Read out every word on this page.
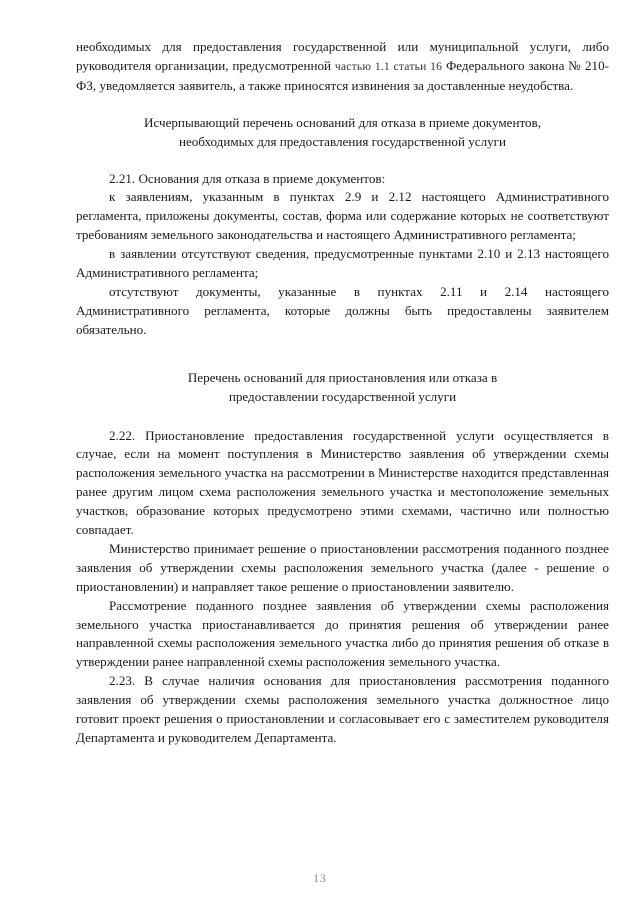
необходимых для предоставления государственной или муниципальной услуги, либо руководителя организации, предусмотренной частью 1.1 статьи 16 Федерального закона № 210-ФЗ, уведомляется заявитель, а также приносятся извинения за доставленные неудобства.

Исчерпывающий перечень оснований для отказа в приеме документов,

необходимых для предоставления государственной услуги

2.21. Основания для отказа в приеме документов:

к заявлениям, указанным в пунктах 2.9 и 2.12 настоящего Административного регламента, приложены документы, состав, форма или содержание которых не соответствуют требованиям земельного законодательства и настоящего Административного регламента;

в заявлении отсутствуют сведения, предусмотренные пунктами 2.10 и 2.13 настоящего Административного регламента;

отсутствуют документы, указанные в пунктах 2.11 и 2.14 настоящего Административного регламента, которые должны быть предоставлены заявителем обязательно.

Перечень оснований для приостановления или отказа в

предоставлении государственной услуги

2.22. Приостановление предоставления государственной услуги осуществляется в случае, если на момент поступления в Министерство заявления об утверждении схемы расположения земельного участка на рассмотрении в Министерстве находится представленная ранее другим лицом схема расположения земельного участка и местоположение земельных участков, образование которых предусмотрено этими схемами, частично или полностью совпадает.

Министерство принимает решение о приостановлении рассмотрения поданного позднее заявления об утверждении схемы расположения земельного участка (далее - решение о приостановлении) и направляет такое решение о приостановлении заявителю.

Рассмотрение поданного позднее заявления об утверждении схемы расположения земельного участка приостанавливается до принятия решения об утверждении ранее направленной схемы расположения земельного участка либо до принятия решения об отказе в утверждении ранее направленной схемы расположения земельного участка.

2.23. В случае наличия основания для приостановления рассмотрения поданного заявления об утверждении схемы расположения земельного участка должностное лицо готовит проект решения о приостановлении и согласовывает его с заместителем руководителя Департамента и руководителем Департамента.

13
